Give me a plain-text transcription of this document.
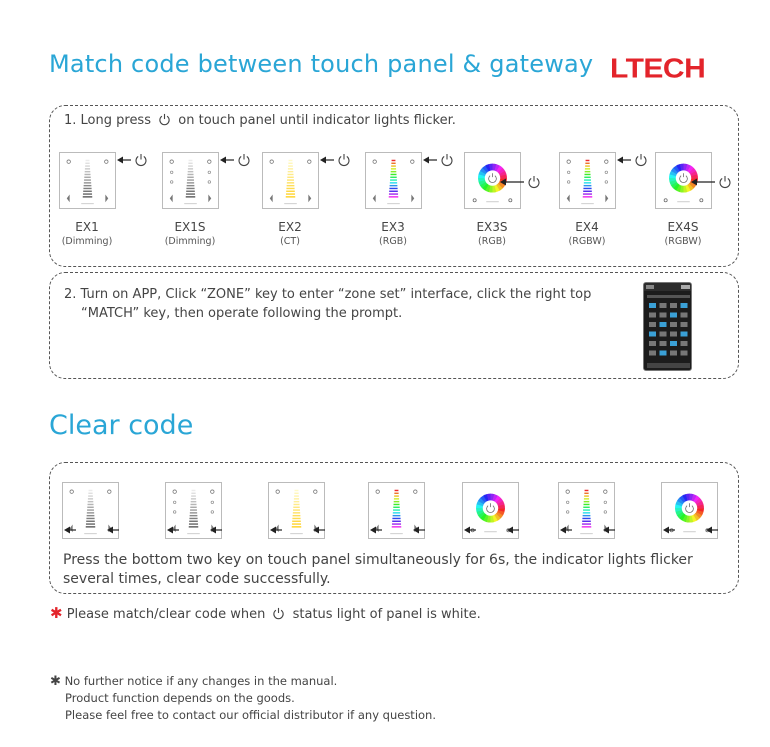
Match code between touch panel & gateway LTECH
1. Long press on touch panel until indicator lights flicker.
EX1
(Dimming)
EX1S
(Dimming)
EX2
(CT)
EX3
(RGB)
EX3S
(RGB)
EX4
(RGBW)
EX4S
(RGBW)
2. Turn on APP, Click “ZONE” key to enter “zone set” interface, click the right top
“MATCH” key, then operate following the prompt.
Clear code
Press the bottom two key on touch panel simultaneously for 6s, the indicator lights flicker several times, clear code successfully.
✱ Please match/clear code when status light of panel is white.
✱ No further notice if any changes in the manual.
Product function depends on the goods.
Please feel free to contact our official distributor if any question.
